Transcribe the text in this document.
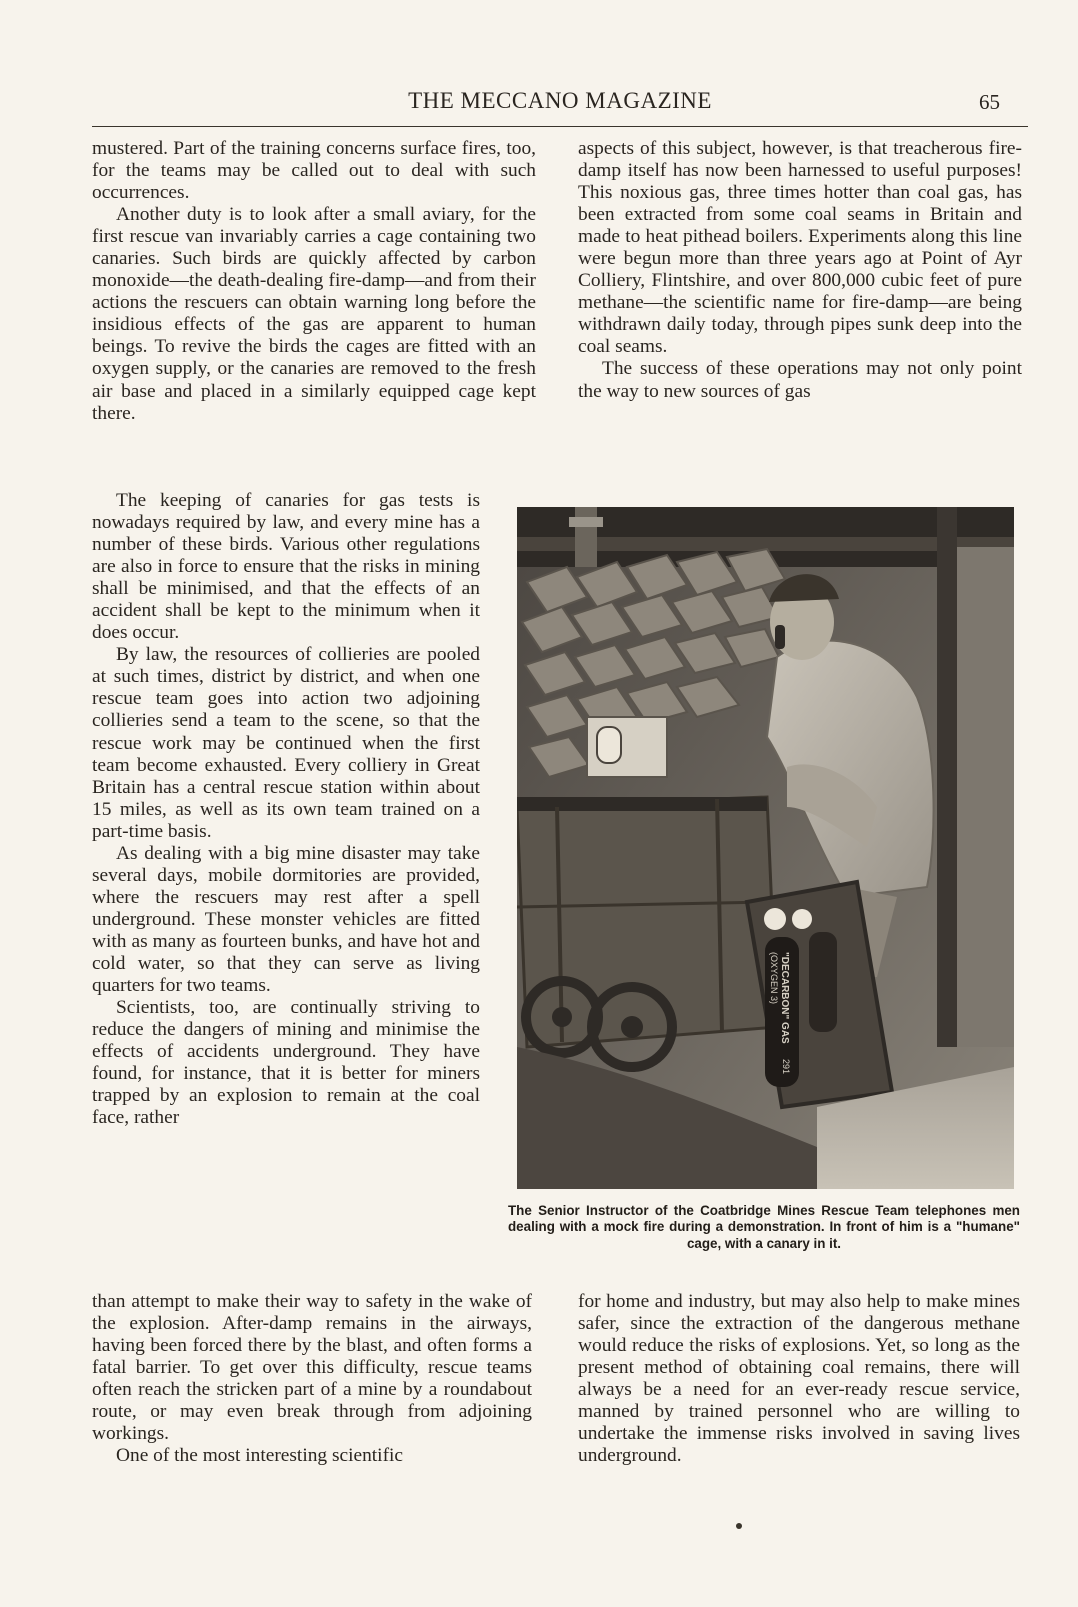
THE MECCANO MAGAZINE	65

mustered. Part of the training concerns surface fires, too, for the teams may be called out to deal with such occurrences.

Another duty is to look after a small aviary, for the first rescue van invariably carries a cage containing two canaries. Such birds are quickly affected by carbon monoxide—the death-dealing fire-damp—and from their actions the rescuers can obtain warning long before the insidious effects of the gas are apparent to human beings. To revive the birds the cages are fitted with an oxygen supply, or the canaries are removed to the fresh air base and placed in a similarly equipped cage kept there.

The keeping of canaries for gas tests is nowadays required by law, and every mine has a number of these birds. Various other regulations are also in force to ensure that the risks in mining shall be minimised, and that the effects of an accident shall be kept to the minimum when it does occur.

By law, the resources of collieries are pooled at such times, district by district, and when one rescue team goes into action two adjoining collieries send a team to the scene, so that the rescue work may be continued when the first team become exhausted. Every colliery in Great Britain has a central rescue station within about 15 miles, as well as its own team trained on a part-time basis.

As dealing with a big mine disaster may take several days, mobile dormitories are provided, where the rescuers may rest after a spell underground. These monster vehicles are fitted with as many as fourteen bunks, and have hot and cold water, so that they can serve as living quarters for two teams.

Scientists, too, are continually striving to reduce the dangers of mining and minimise the effects of accidents underground. They have found, for instance, that it is better for miners trapped by an explosion to remain at the coal face, rather

than attempt to make their way to safety in the wake of the explosion. After-damp remains in the airways, having been forced there by the blast, and often forms a fatal barrier. To get over this difficulty, rescue teams often reach the stricken part of a mine by a roundabout route, or may even break through from adjoining workings.

One of the most interesting scientific

aspects of this subject, however, is that treacherous fire-damp itself has now been harnessed to useful purposes! This noxious gas, three times hotter than coal gas, has been extracted from some coal seams in Britain and made to heat pithead boilers. Experiments along this line were begun more than three years ago at Point of Ayr Colliery, Flintshire, and over 800,000 cubic feet of pure methane—the scientific name for fire-damp—are being withdrawn daily today, through pipes sunk deep into the coal seams.

The success of these operations may not only point the way to new sources of gas

for home and industry, but may also help to make mines safer, since the extraction of the dangerous methane would reduce the risks of explosions. Yet, so long as the present method of obtaining coal remains, there will always be a need for an ever-ready rescue service, manned by trained personnel who are willing to undertake the immense risks involved in saving lives underground.

"DECARBON" GAS
(OXYGEN 3)
291
The Senior Instructor of the Coatbridge Mines Rescue Team telephones men dealing with a mock fire during a demonstration. In front of him is a "humane" cage, with a canary in it.
